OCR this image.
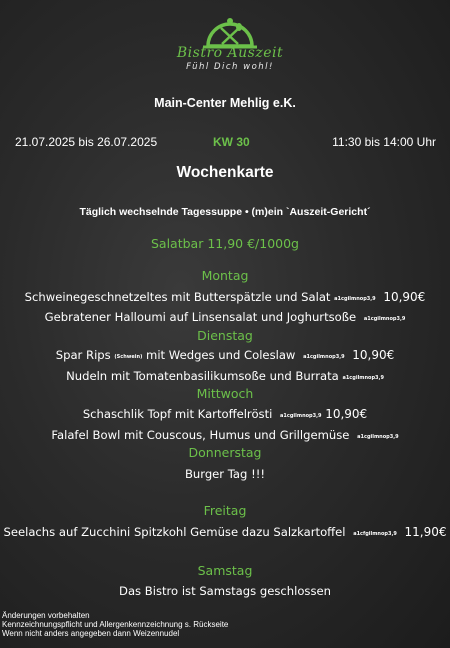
Bistro Auszeit
Fühl Dich wohl!
Main-Center Mehlig e.K.
21.07.2025 bis 26.07.2025	KW 30	11:30 bis 14:00 Uhr
Wochenkarte
Täglich wechselnde Tagessuppe • (m)ein `Auszeit-Gericht´
Salatbar 11,90 €/1000g
Montag
Schweinegeschnetzeltes mit Butterspätzle und Salat a1cgilmnop3,9 10,90€
Gebratener Halloumi auf Linsensalat und Joghurtsoße a1cgilmnop3,9
Dienstag
Spar Rips (Schwein) mit Wedges und Coleslaw a1cgilmnop3,9 10,90€
Nudeln mit Tomatenbasilikumsoße und Burrata a1cgilmnop3,9
Mittwoch
Schaschlik Topf mit Kartoffelrösti a1cgilmnop3,9 10,90€
Falafel Bowl mit Couscous, Humus und Grillgemüse a1cgilmnop3,9
Donnerstag
Burger Tag !!!
Freitag
Seelachs auf Zucchini Spitzkohl Gemüse dazu Salzkartoffel a1cfgilmnop3,9 11,90€
Samstag
Das Bistro ist Samstags geschlossen
Änderungen vorbehalten
Kennzeichnungspflicht und Allergenkennzeichnung s. Rückseite
Wenn nicht anders angegeben dann Weizennudel
